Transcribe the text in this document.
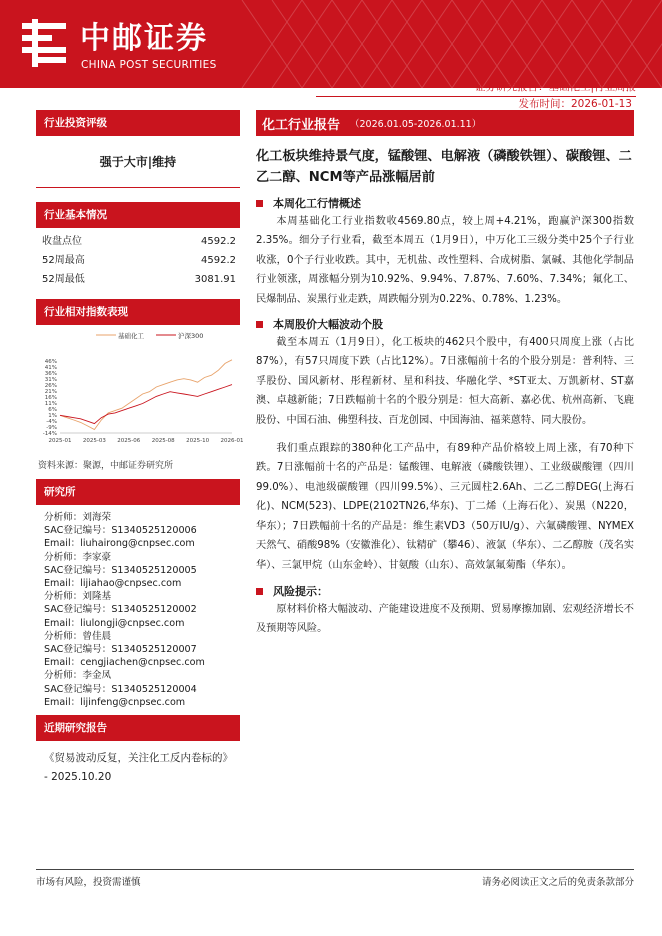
中邮证券
CHINA POST SECURITIES
证券研究报告：基础化工|行业周报
发布时间：2026-01-13
行业投资评级
强于大市|维持
行业基本情况
收盘点位	4592.2
52周最高	4592.2
52周最低	3081.91
行业相对指数表现
基础化工	沪深300
46%
41%
36%
31%
26%
21%
16%
11%
6%
1%
-4%
-9%
-14%
2025-01 2025-03 2025-06 2025-08 2025-10 2026-01
资料来源：聚源，中邮证券研究所
研究所
分析师：刘海荣
SAC登记编号：S1340525120006
Email：liuhairong@cnpsec.com
分析师：李家豪
SAC登记编号：S1340525120005
Email：lijiahao@cnpsec.com
分析师：刘隆基
SAC登记编号：S1340525120002
Email：liulongji@cnpsec.com
分析师：曾佳晨
SAC登记编号：S1340525120007
Email：cengjiachen@cnpsec.com
分析师：李金凤
SAC登记编号：S1340525120004
Email：lijinfeng@cnpsec.com
近期研究报告
《贸易波动反复，关注化工反内卷标的》 - 2025.10.20
化工行业报告 （2026.01.05-2026.01.11）
化工板块维持景气度，锰酸锂、电解液（磷酸铁锂）、碳酸锂、二乙二醇、NCM等产品涨幅居前
本周化工行情概述

本周基础化工行业指数收4569.80点，较上周+4.21%，跑赢沪深300指数2.35%。细分子行业看，截至本周五（1月9日），中万化工三级分类中25个子行业收涨，0个子行业收跌。其中，无机盐、改性塑料、合成树脂、氯碱、其他化学制品行业领涨，周涨幅分别为10.92%、9.94%、7.87%、7.60%、7.34%；氟化工、民爆制品、炭黑行业走跌，周跌幅分别为0.22%、0.78%、1.23%。

本周股价大幅波动个股

截至本周五（1月9日），化工板块的462只个股中，有400只周度上涨（占比87%），有57只周度下跌（占比12%）。7日涨幅前十名的个股分别是：普利特、三孚股份、国风新材、彤程新材、星和科技、华融化学、*ST亚太、万凯新材、ST嘉澳、卓越新能；7日跌幅前十名的个股分别是：恒大高新、嘉必优、杭州高新、飞鹿股份、中国石油、佛塑科技、百龙创园、中国海油、福莱蒽特、同大股份。

我们重点跟踪的380种化工产品中，有89种产品价格较上周上涨，有70种下跌。7日涨幅前十名的产品是：锰酸锂、电解液（磷酸铁锂）、工业级碳酸锂（四川99.0%）、电池级碳酸锂（四川99.5%）、三元圆柱2.6Ah、二乙二醇DEG(上海石化)、NCM(523)、LDPE(2102TN26,华东)、丁二烯（上海石化）、炭黑（N220，华东）；7日跌幅前十名的产品是：维生素VD3（50万IU/g）、六氟磷酸锂、NYMEX天然气、硝酸98%（安徽淮化）、钛精矿（攀46）、液氯（华东）、二乙醇胺（茂名实华）、三氯甲烷（山东金岭）、甘氨酸（山东）、高效氯氟菊酯（华东）。

风险提示：

原材料价格大幅波动、产能建设进度不及预期、贸易摩擦加剧、宏观经济增长不及预期等风险。

市场有风险，投资需谨慎	请务必阅读正文之后的免责条款部分
